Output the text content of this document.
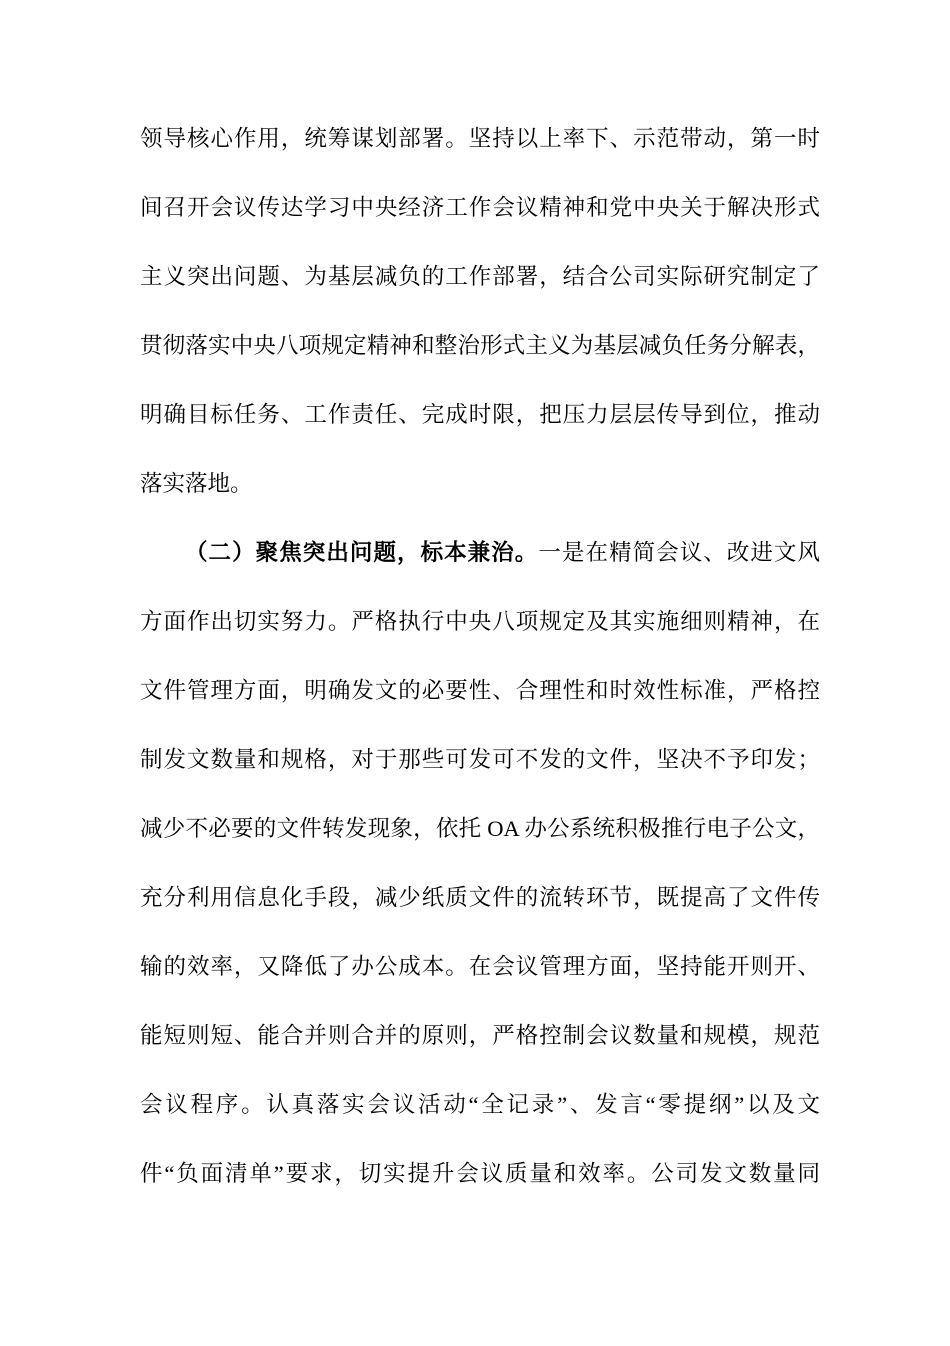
领导核心作用，统筹谋划部署。坚持以上率下、示范带动，第一时
间召开会议传达学习中央经济工作会议精神和党中央关于解决形式
主义突出问题、为基层减负的工作部署，结合公司实际研究制定了
贯彻落实中央八项规定精神和整治形式主义为基层减负任务分解表，
明确目标任务、工作责任、完成时限，把压力层层传导到位，推动
落实落地。
（二）聚焦突出问题，标本兼治。一是在精简会议、改进文风
方面作出切实努力。严格执行中央八项规定及其实施细则精神，在
文件管理方面，明确发文的必要性、合理性和时效性标准，严格控
制发文数量和规格，对于那些可发可不发的文件，坚决不予印发；
减少不必要的文件转发现象，依托 OA 办公系统积极推行电子公文，
充分利用信息化手段，减少纸质文件的流转环节，既提高了文件传
输的效率，又降低了办公成本。在会议管理方面，坚持能开则开、
能短则短、能合并则合并的原则，严格控制会议数量和规模，规范
会议程序。认真落实会议活动“全记录”、发言“零提纲”以及文
件“负面清单”要求，切实提升会议质量和效率。公司发文数量同
